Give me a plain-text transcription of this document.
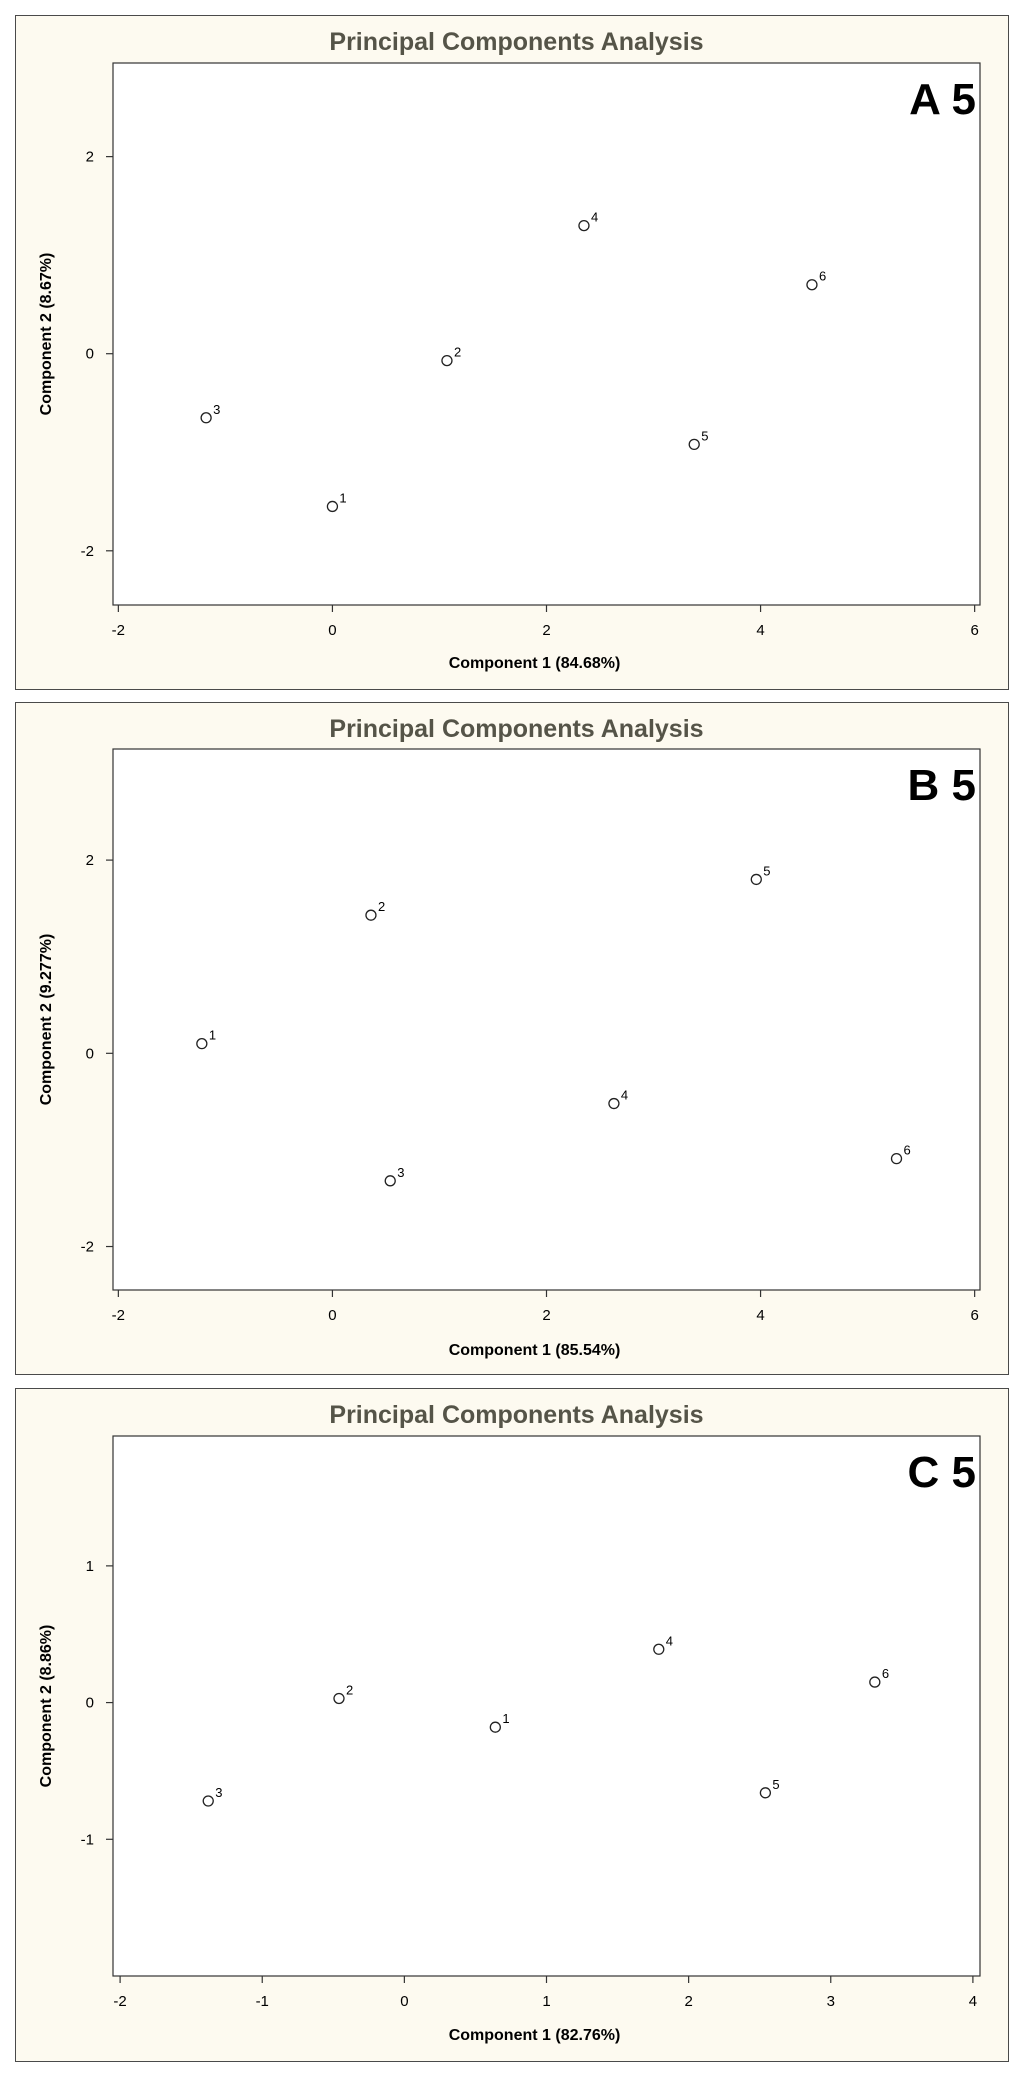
Principal Components Analysis
A 5
-2	0	2	4	6
-2
0
2
Component 1 (84.68%)
Component 2 (8.67%)
1
2
3
4
5
6
Principal Components Analysis
B 5
-2	0	2	4	6
-2
0
2
Component 1 (85.54%)
Component 2 (9.277%)	1
2
3
4
5
6
Principal Components Analysis
C 5
-2	-1	0	1	2	3	4
-1
0
1
Component 1 (82.76%)
Component 2 (8.86%)	1
2
3
4
5
6
